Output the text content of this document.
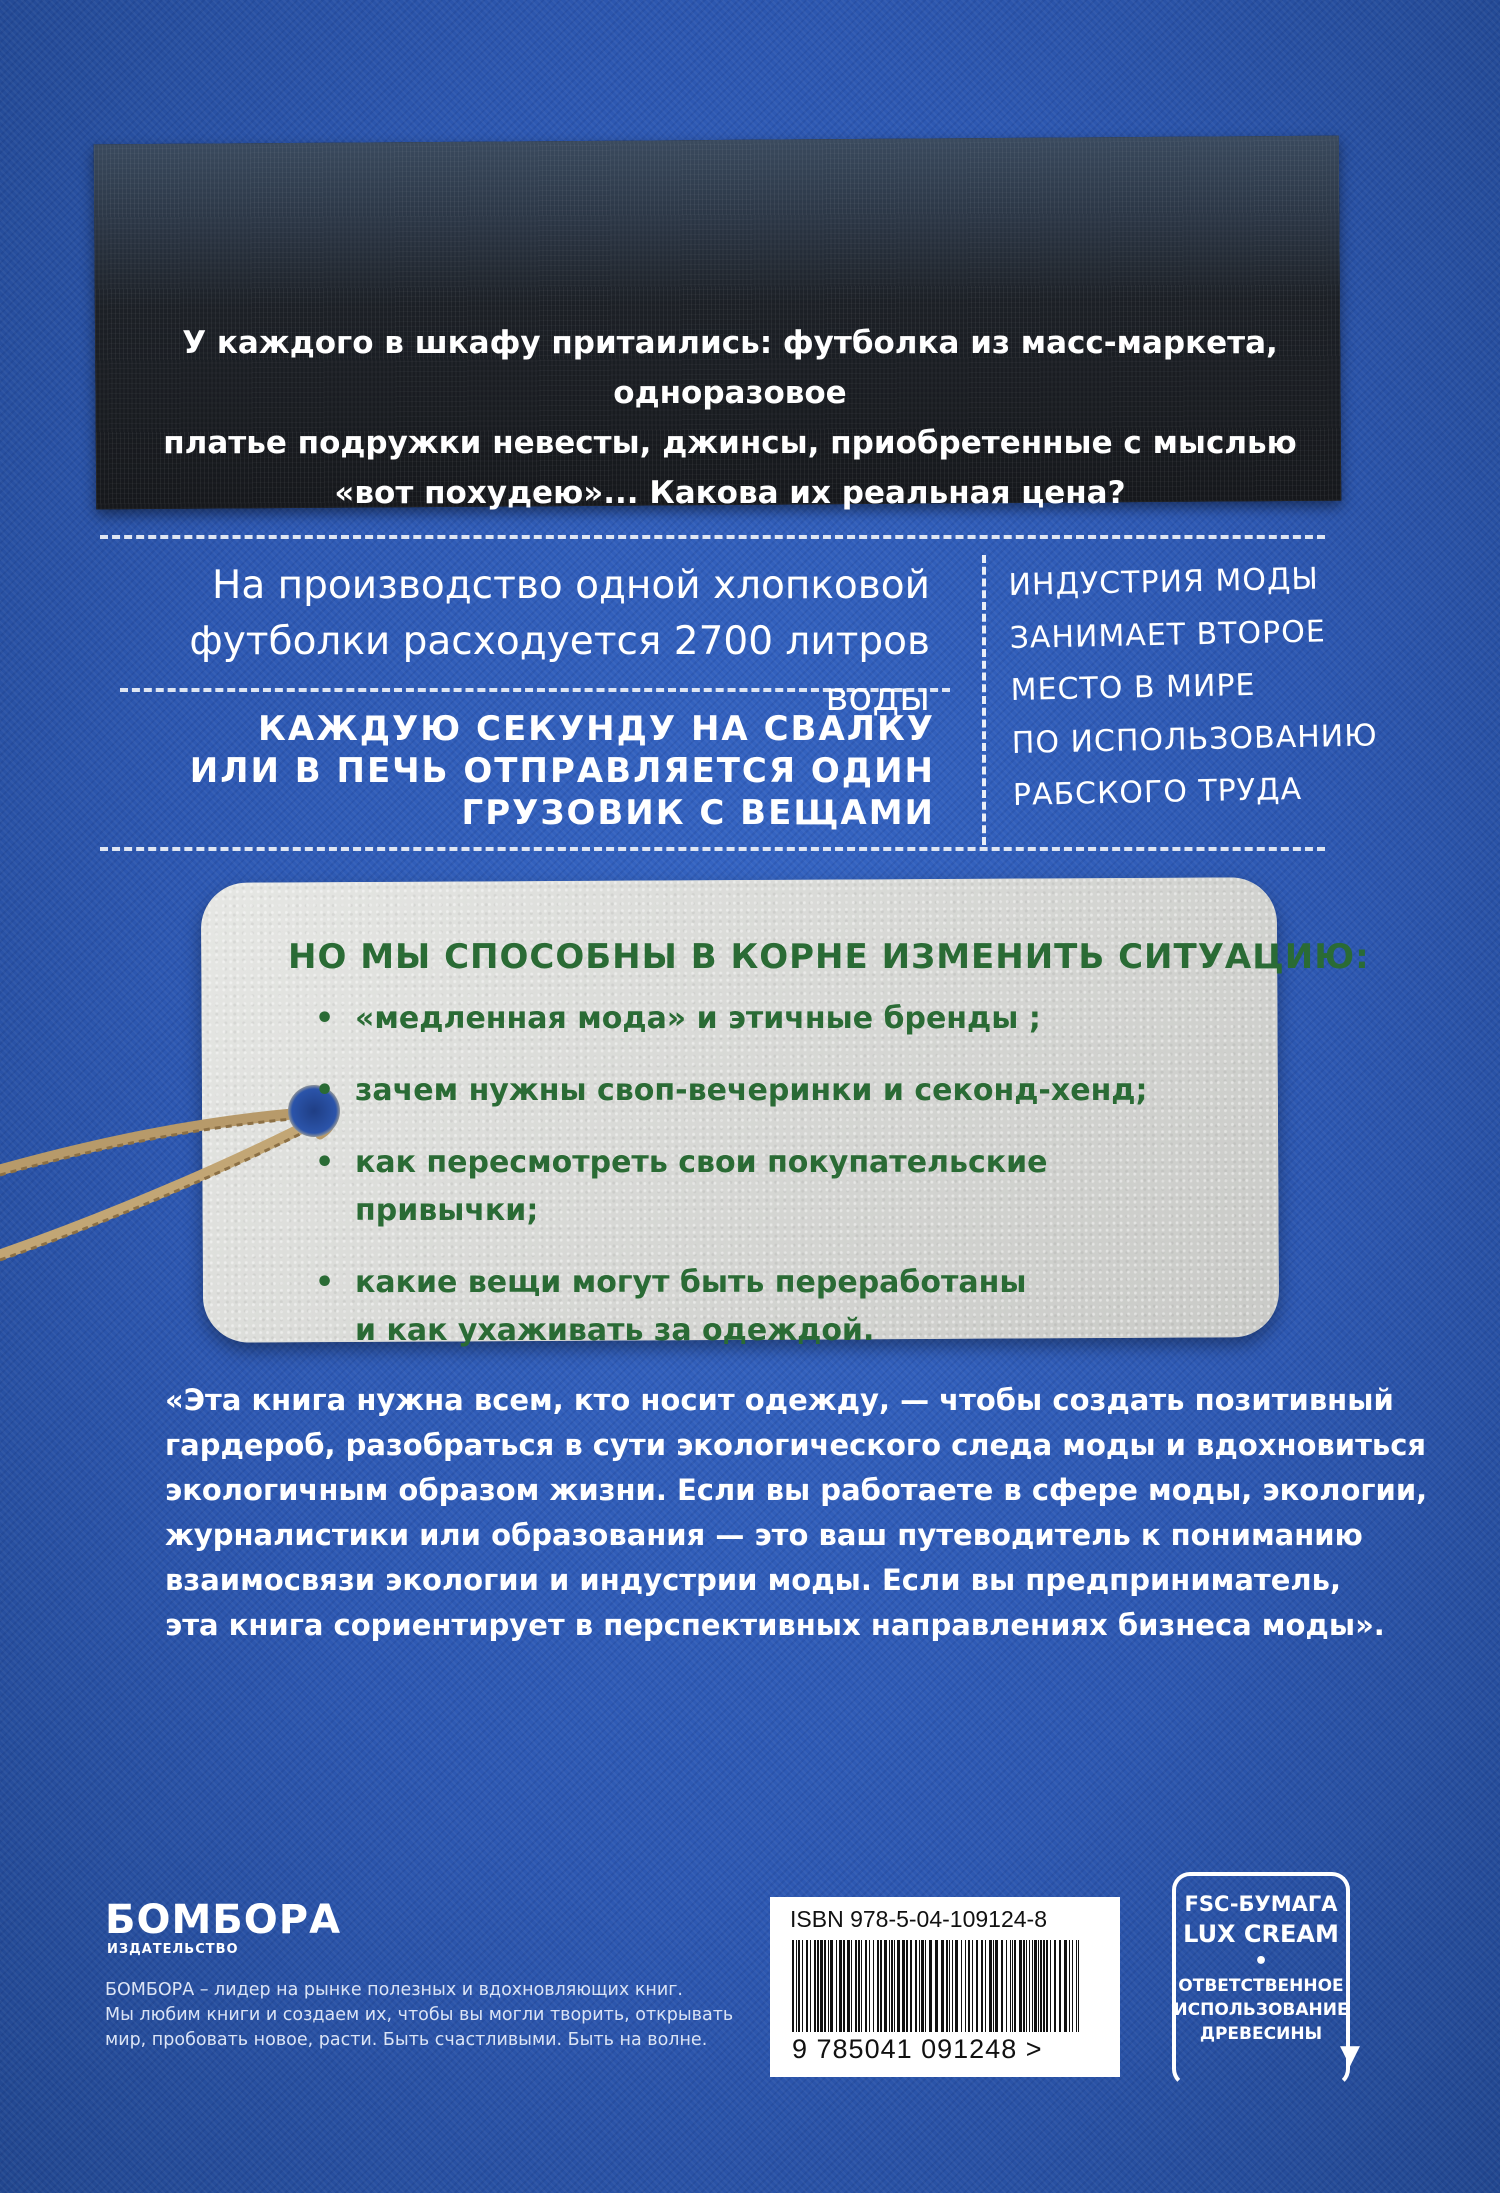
У каждого в шкафу притаились: футболка из масс-маркета, одноразовое
платье подружки невесты, джинсы, приобретенные с мыслью
«вот похудею»... Какова их реальная цена?
На производство одной хлопковой
футболки расходуется 2700 литров воды
КАЖДУЮ СЕКУНДУ НА СВАЛКУ
ИЛИ В ПЕЧЬ ОТПРАВЛЯЕТСЯ ОДИН
ГРУЗОВИК С ВЕЩАМИ
ИНДУСТРИЯ МОДЫ
ЗАНИМАЕТ ВТОРОЕ
МЕСТО В МИРЕ
ПО ИСПОЛЬЗОВАНИЮ
РАБСКОГО ТРУДА
НО МЫ СПОСОБНЫ В КОРНЕ ИЗМЕНИТЬ СИТУАЦИЮ:
• «медленная мода» и этичные бренды ;
• зачем нужны своп-вечеринки и секонд-хенд;
• как пересмотреть свои покупательские привычки;
• какие вещи могут быть переработаны
и как ухаживать за одеждой.
«Эта книга нужна всем, кто носит одежду, — чтобы создать позитивный
гардероб, разобраться в сути экологического следа моды и вдохновиться
экологичным образом жизни. Если вы работаете в сфере моды, экологии,
журналистики или образования — это ваш путеводитель к пониманию
взаимосвязи экологии и индустрии моды. Если вы предприниматель,
эта книга сориентирует в перспективных направлениях бизнеса моды».
БОМБОРА
ИЗДАТЕЛЬСТВО
БОМБОРА – лидер на рынке полезных и вдохновляющих книг.
Мы любим книги и создаем их, чтобы вы могли творить, открывать
мир, пробовать новое, расти. Быть счастливыми. Быть на волне.
ISBN 978-5-04-109124-8
9 785041 091248 >	▼
FSC-БУМАГА
LUX CREAM
•
ОТВЕТСТВЕННОЕ
ИСПОЛЬЗОВАНИЕ
ДРЕВЕСИНЫ
